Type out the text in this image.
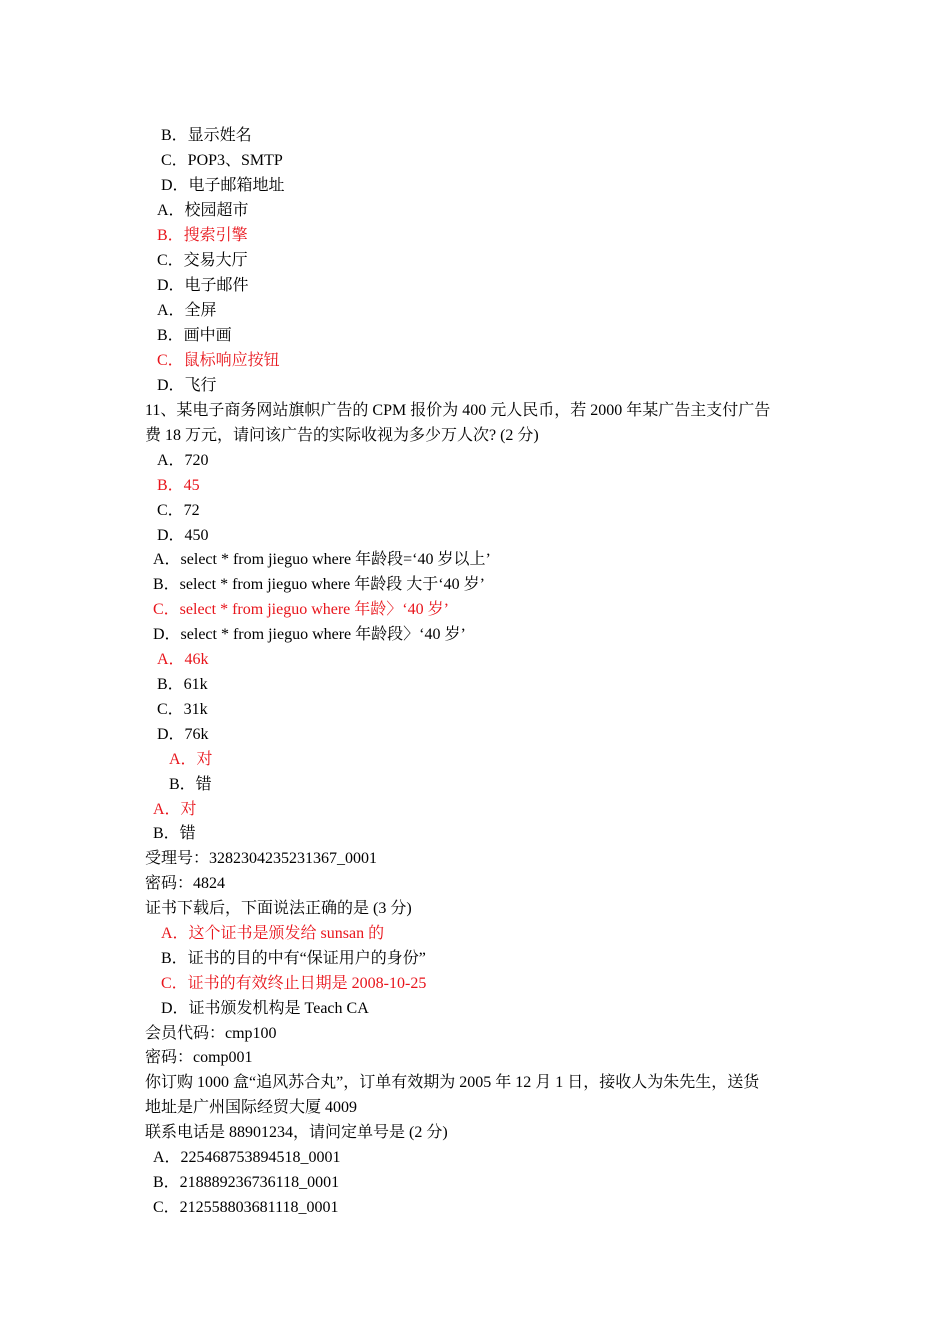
B．显示姓名
C．POP3、SMTP
D．电子邮箱地址
A．校园超市
B．搜索引擎
C．交易大厅
D．电子邮件
A．全屏
B．画中画
C．鼠标响应按钮
D．飞行
11、某电子商务网站旗帜广告的 CPM 报价为 400 元人民币，若 2000 年某广告主支付广告
费 18 万元，请问该广告的实际收视为多少万人次? (2 分)
A．720
B．45
C．72
D．450
A．select * from jieguo where 年龄段=‘40 岁以上’
B．select * from jieguo where 年龄段 大于‘40 岁’
C．select * from jieguo where 年龄〉‘40 岁’
D．select * from jieguo where 年龄段〉‘40 岁’
A．46k
B．61k
C．31k
D．76k
A．对
B．错
A．对
B．错
受理号：3282304235231367_0001
密码：4824
证书下载后，下面说法正确的是 (3 分)
A．这个证书是颁发给 sunsan 的
B．证书的目的中有“保证用户的身份”
C．证书的有效终止日期是 2008-10-25
D．证书颁发机构是 Teach CA
会员代码：cmp100
密码：comp001
你订购 1000 盒“追风苏合丸”，订单有效期为 2005 年 12 月 1 日，接收人为朱先生，送货
地址是广州国际经贸大厦 4009
联系电话是 88901234，请问定单号是 (2 分)
A．225468753894518_0001
B．218889236736118_0001
C．212558803681118_0001
